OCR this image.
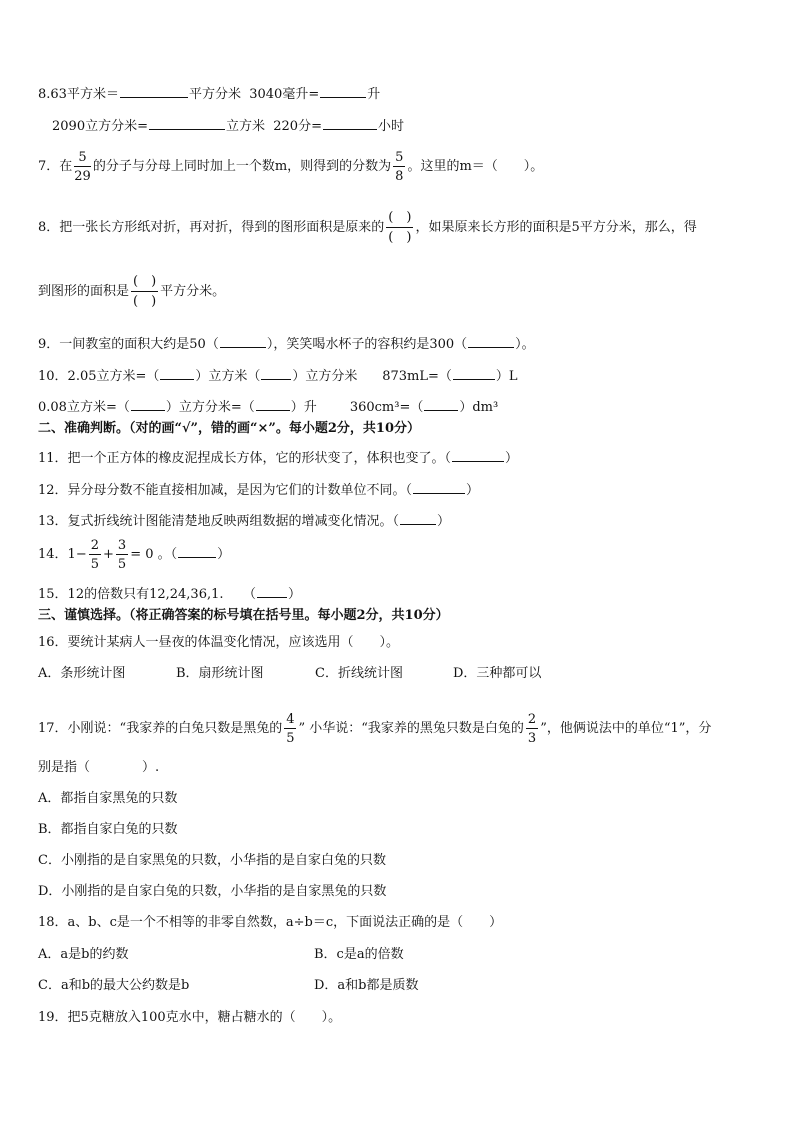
8.63平方米＝	平方分米 3040毫升=	升
2090立方分米=	立方米 220分=	小时
7．在 $\frac{5}{29}$ 的分子与分母上同时加上一个数m，则得到的分数为 $\frac{5}{8}$ 。这里的m＝（　　）。
8．把一张长方形纸对折，再对折，得到的图形面积是原来的 $\frac{( )}{( )}$ ，如果原来长方形的面积是5平方分米，那么，得
到图形的面积是 $\frac{( )}{( )}$ 平方分米。
9．一间教室的面积大约是50（	），笑笑喝水杯子的容积约是300（	）。
10．2.05立方米=（	）立方米（ ）立方分米 873mL=（	）L
0.08立方米=（	）立方分米=（	）升	360cm³=（	）dm³
二、准确判断。（对的画“√”，错的画“×”。每小题2分，共10分）
11．把一个正方体的橡皮泥捏成长方体，它的形状变了，体积也变了。（	）
12．异分母分数不能直接相加减，是因为它们的计数单位不同。（	）
13．复式折线统计图能清楚地反映两组数据的增减变化情况。（	）
14．$1- \frac{2}{5} + \frac{3}{5} = 0$ 。（	）
15．12的倍数只有12,24,36,1.　　（ ）
三、谨慎选择。（将正确答案的标号填在括号里。每小题2分，共10分）
16．要统计某病人一昼夜的体温变化情况，应该选用（　　）。
A．条形统计图	B．扇形统计图	C．折线统计图	D．三种都可以
17．小刚说：“我家养的白兔只数是黑兔的 $\frac{4}{5}$ ” 小华说：“我家养的黑兔只数是白兔的 $\frac{2}{3}$ ”，他俩说法中的单位“1”，分
别是指（　　　　）.
A．都指自家黑兔的只数
B．都指自家白兔的只数
C．小刚指的是自家黑兔的只数，小华指的是自家白兔的只数
D．小刚指的是自家白兔的只数，小华指的是自家黑兔的只数
18．a、b、c是一个不相等的非零自然数，a÷b＝c，下面说法正确的是（　　）
A．a是b的约数	B．c是a的倍数
C．a和b的最大公约数是b	D．a和b都是质数
19．把5克糖放入100克水中，糖占糖水的（　　）。
